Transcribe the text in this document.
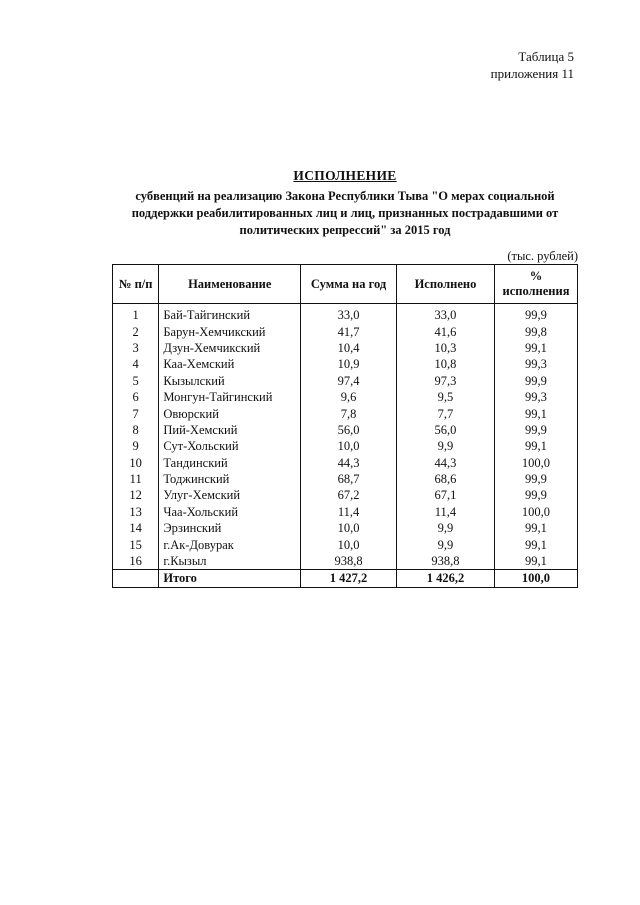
Таблица 5
приложения 11
ИСПОЛНЕНИЕ
субвенций на реализацию Закона Республики Тыва "О мерах социальной поддержки реабилитированных лиц и лиц, признанных пострадавшими от политических репрессий" за 2015 год
(тыс. рублей)
№ п/п	Наименование	Сумма на год	Исполнено	% исполнения
1	Бай-Тайгинский	33,0	33,0	99,9
2	Барун-Хемчикский	41,7	41,6	99,8
3	Дзун-Хемчикский	10,4	10,3	99,1
4	Каа-Хемский	10,9	10,8	99,3
5	Кызылский	97,4	97,3	99,9
6	Монгун-Тайгинский	9,6	9,5	99,3
7	Овюрский	7,8	7,7	99,1
8	Пий-Хемский	56,0	56,0	99,9
9	Сут-Хольский	10,0	9,9	99,1
10	Тандинский	44,3	44,3	100,0
11	Тоджинский	68,7	68,6	99,9
12	Улуг-Хемский	67,2	67,1	99,9
13	Чаа-Хольский	11,4	11,4	100,0
14	Эрзинский	10,0	9,9	99,1
15	г.Ак-Довурак	10,0	9,9	99,1
16	г.Кызыл	938,8	938,8	99,1
	Итого	1 427,2	1 426,2	100,0
